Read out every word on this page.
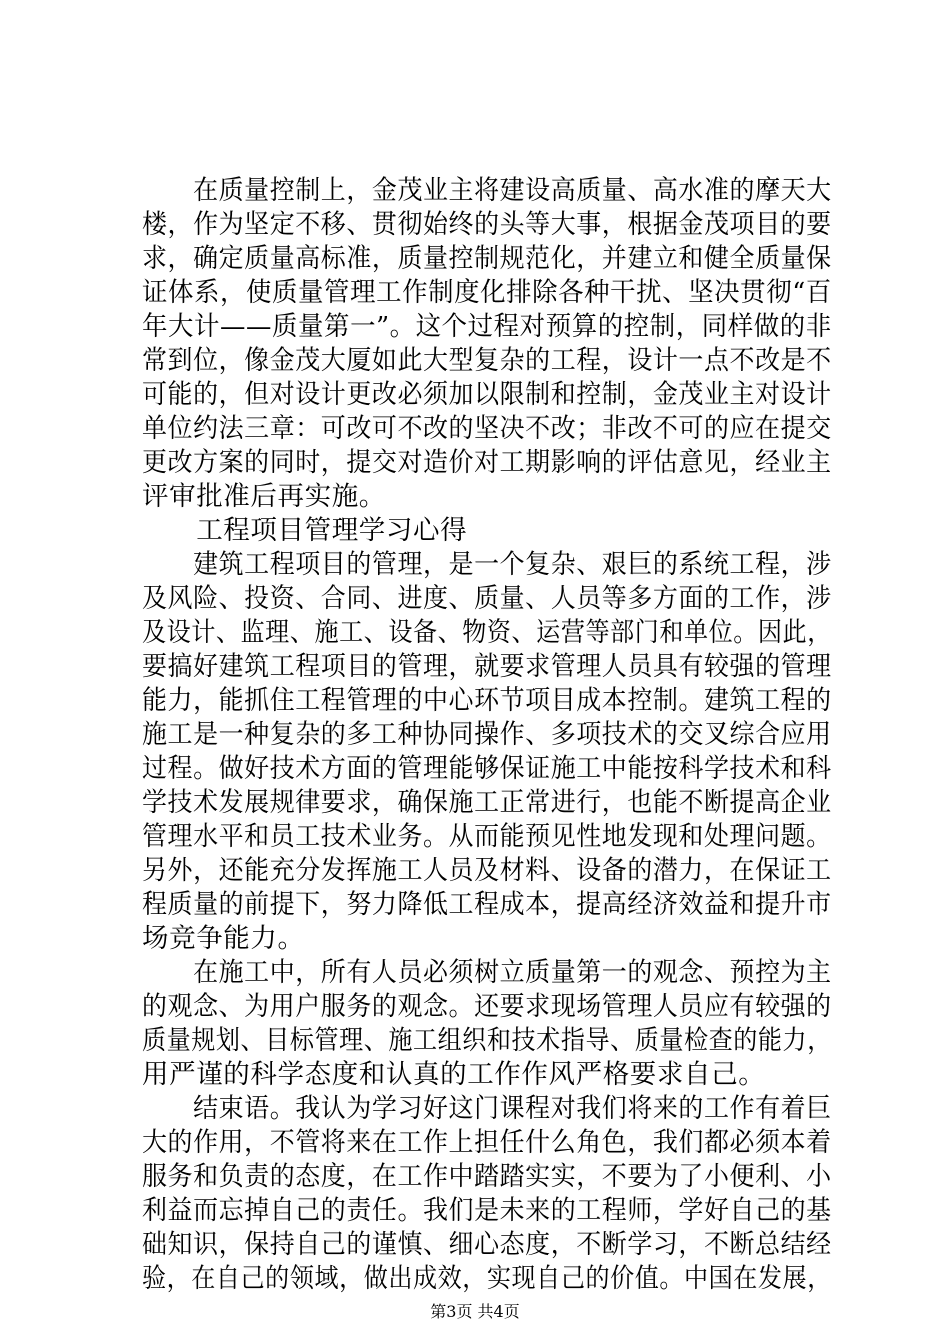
　　在质量控制上，金茂业主将建设高质量、高水准的摩天大
楼，作为坚定不移、贯彻始终的头等大事，根据金茂项目的要
求，确定质量高标准，质量控制规范化，并建立和健全质量保
证体系，使质量管理工作制度化排除各种干扰、坚决贯彻“百
年大计——质量第一”。这个过程对预算的控制，同样做的非
常到位，像金茂大厦如此大型复杂的工程，设计一点不改是不
可能的，但对设计更改必须加以限制和控制，金茂业主对设计
单位约法三章：可改可不改的坚决不改；非改不可的应在提交
更改方案的同时，提交对造价对工期影响的评估意见，经业主
评审批准后再实施。
　　工程项目管理学习心得
　　建筑工程项目的管理，是一个复杂、艰巨的系统工程，涉
及风险、投资、合同、进度、质量、人员等多方面的工作，涉
及设计、监理、施工、设备、物资、运营等部门和单位。因此，
要搞好建筑工程项目的管理，就要求管理人员具有较强的管理
能力，能抓住工程管理的中心环节项目成本控制。建筑工程的
施工是一种复杂的多工种协同操作、多项技术的交叉综合应用
过程。做好技术方面的管理能够保证施工中能按科学技术和科
学技术发展规律要求，确保施工正常进行，也能不断提高企业
管理水平和员工技术业务。从而能预见性地发现和处理问题。
另外，还能充分发挥施工人员及材料、设备的潜力，在保证工
程质量的前提下，努力降低工程成本，提高经济效益和提升市
场竞争能力。
　　在施工中，所有人员必须树立质量第一的观念、预控为主
的观念、为用户服务的观念。还要求现场管理人员应有较强的
质量规划、目标管理、施工组织和技术指导、质量检查的能力，
用严谨的科学态度和认真的工作作风严格要求自己。
　　结束语。我认为学习好这门课程对我们将来的工作有着巨
大的作用，不管将来在工作上担任什么角色，我们都必须本着
服务和负责的态度，在工作中踏踏实实，不要为了小便利、小
利益而忘掉自己的责任。我们是未来的工程师，学好自己的基
础知识，保持自己的谨慎、细心态度，不断学习，不断总结经
验，在自己的领域，做出成效，实现自己的价值。中国在发展，
第3页 共4页
